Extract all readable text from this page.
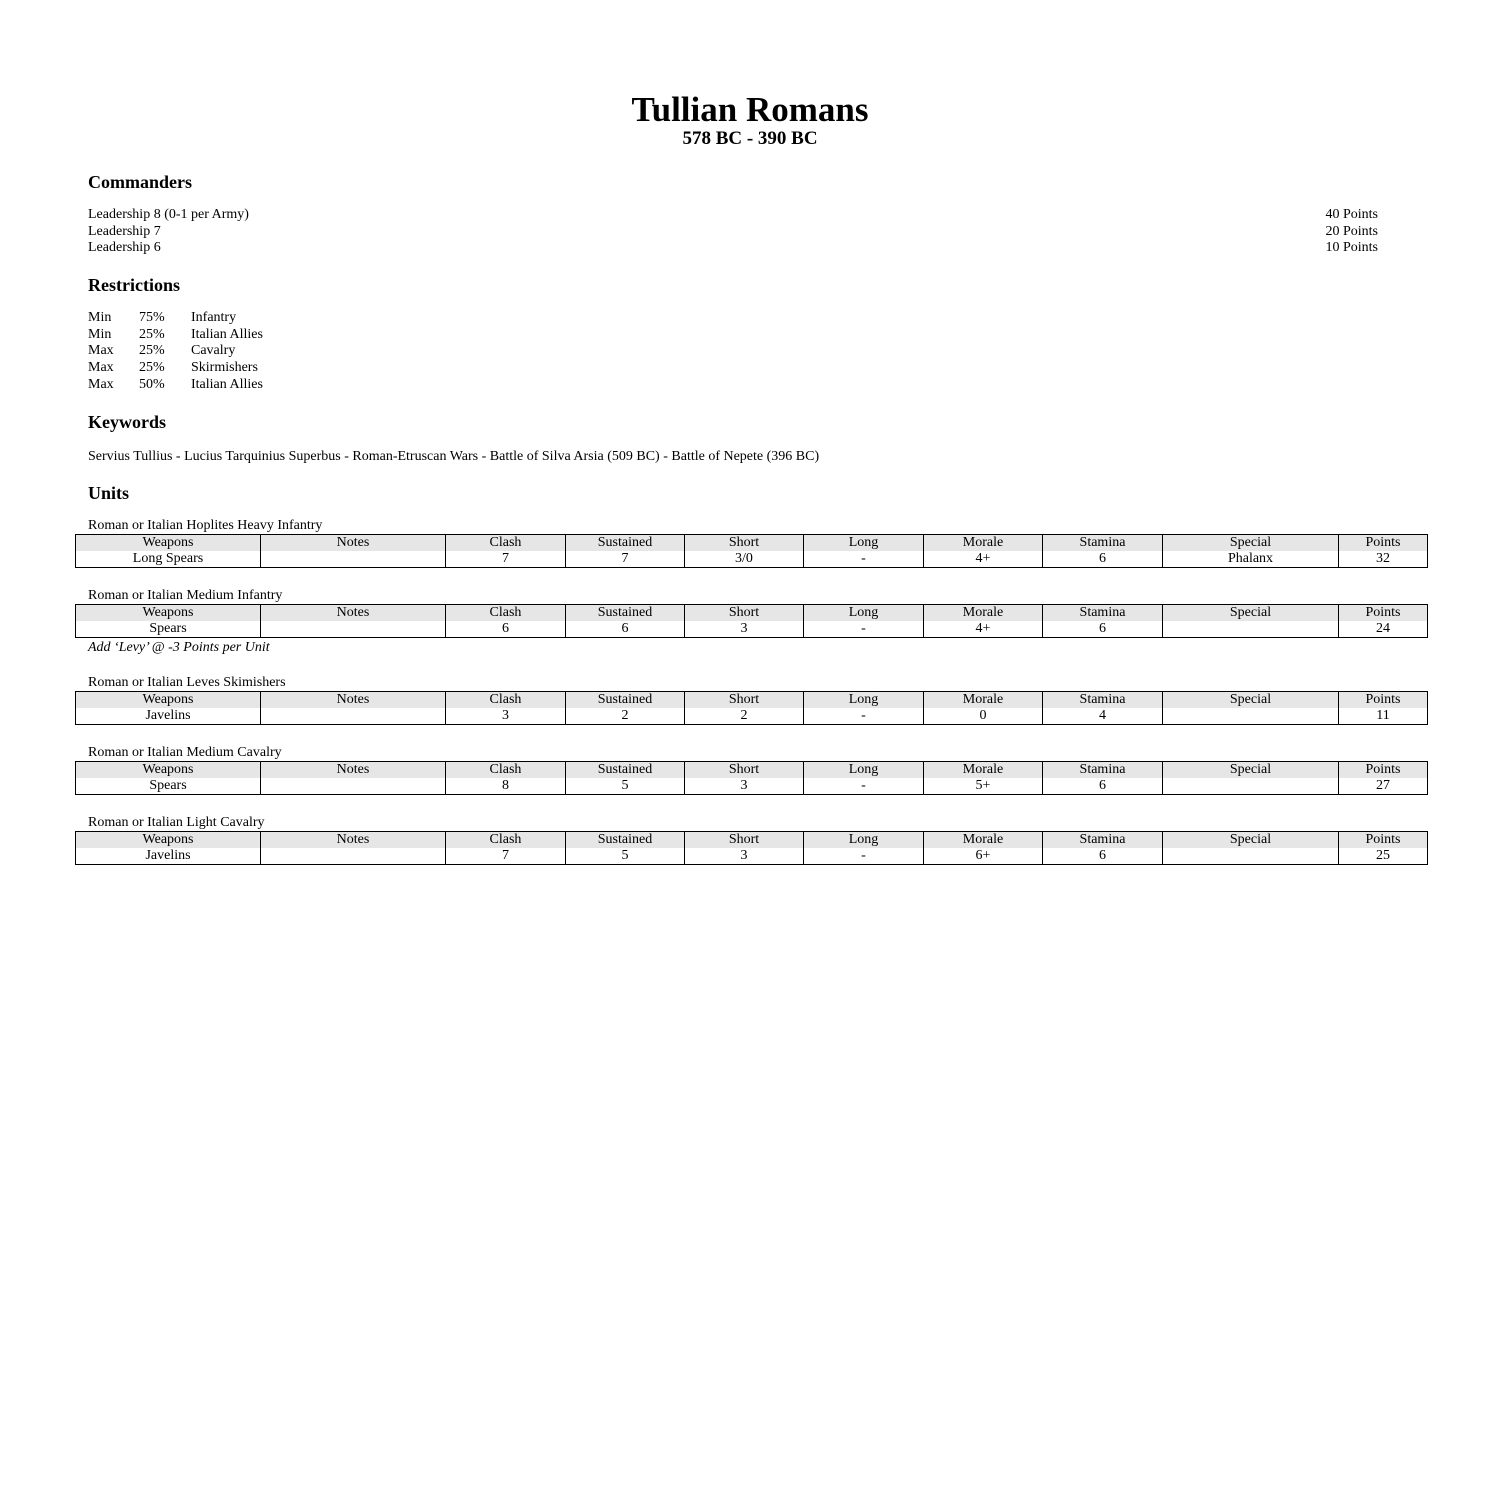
Tullian Romans
578 BC - 390 BC
Commanders
Leadership 8 (0-1 per Army)	40 Points
Leadership 7	20 Points
Leadership 6	10 Points
Restrictions
Min	75%	Infantry
Min	25%	Italian Allies
Max	25%	Cavalry
Max	25%	Skirmishers
Max	50%	Italian Allies
Keywords
Servius Tullius - Lucius Tarquinius Superbus - Roman-Etruscan Wars - Battle of Silva Arsia (509 BC) - Battle of Nepete (396 BC)
Units
Roman or Italian Hoplites Heavy Infantry
Weapons	Notes	Clash	Sustained	Short	Long	Morale	Stamina	Special	Points
Long Spears		7	7	3/0	-	4+	6	Phalanx	32
Roman or Italian Medium Infantry
Weapons	Notes	Clash	Sustained	Short	Long	Morale	Stamina	Special	Points
Spears		6	6	3	-	4+	6		24
Add ‘Levy’ @ -3 Points per Unit
Roman or Italian Leves Skimishers
Weapons	Notes	Clash	Sustained	Short	Long	Morale	Stamina	Special	Points
Javelins		3	2	2	-	0	4		11
Roman or Italian Medium Cavalry
Weapons	Notes	Clash	Sustained	Short	Long	Morale	Stamina	Special	Points
Spears		8	5	3	-	5+	6		27
Roman or Italian Light Cavalry
Weapons	Notes	Clash	Sustained	Short	Long	Morale	Stamina	Special	Points
Javelins		7	5	3	-	6+	6		25
